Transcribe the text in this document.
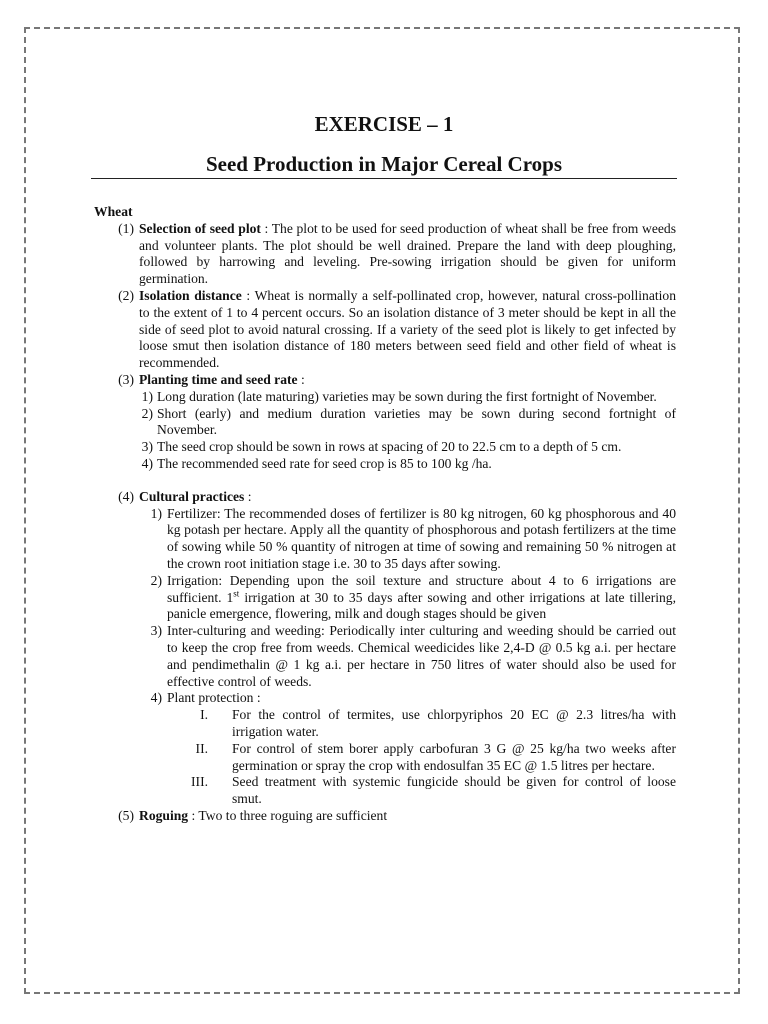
EXERCISE – 1
Seed Production in Major Cereal Crops
Wheat
(1) Selection of seed plot : The plot to be used for seed production of wheat shall be free from weeds and volunteer plants. The plot should be well drained. Prepare the land with deep ploughing, followed by harrowing and leveling. Pre-sowing irrigation should be given for uniform germination.
(2) Isolation distance : Wheat is normally a self-pollinated crop, however, natural cross-pollination to the extent of 1 to 4 percent occurs. So an isolation distance of 3 meter should be kept in all the side of seed plot to avoid natural crossing. If a variety of the seed plot is likely to get infected by loose smut then isolation distance of 180 meters between seed field and other field of wheat is recommended.
(3) Planting time and seed rate :
1) Long duration (late maturing) varieties may be sown during the first fortnight of November.
2) Short (early) and medium duration varieties may be sown during second fortnight of November.
3) The seed crop should be sown in rows at spacing of 20 to 22.5 cm to a depth of 5 cm.
4) The recommended seed rate for seed crop is 85 to 100 kg /ha.
(4) Cultural practices :
1) Fertilizer: The recommended doses of fertilizer is 80 kg nitrogen, 60 kg phosphorous and 40 kg potash per hectare. Apply all the quantity of phosphorous and potash fertilizers at the time of sowing while 50 % quantity of nitrogen at time of sowing and remaining 50 % nitrogen at the crown root initiation stage i.e. 30 to 35 days after sowing.
2) Irrigation: Depending upon the soil texture and structure about 4 to 6 irrigations are sufficient. 1st irrigation at 30 to 35 days after sowing and other irrigations at late tillering, panicle emergence, flowering, milk and dough stages should be given
3) Inter-culturing and weeding: Periodically inter culturing and weeding should be carried out to keep the crop free from weeds. Chemical weedicides like 2,4-D @ 0.5 kg a.i. per hectare and pendimethalin @ 1 kg a.i. per hectare in 750 litres of water should also be used for effective control of weeds.
4) Plant protection :
I.	For the control of termites, use chlorpyriphos 20 EC @ 2.3 litres/ha with irrigation water.
II.	For control of stem borer apply carbofuran 3 G @ 25 kg/ha two weeks after germination or spray the crop with endosulfan 35 EC @ 1.5 litres per hectare.
III.	Seed treatment with systemic fungicide should be given for control of loose smut.
(5) Roguing : Two to three roguing are sufficient
